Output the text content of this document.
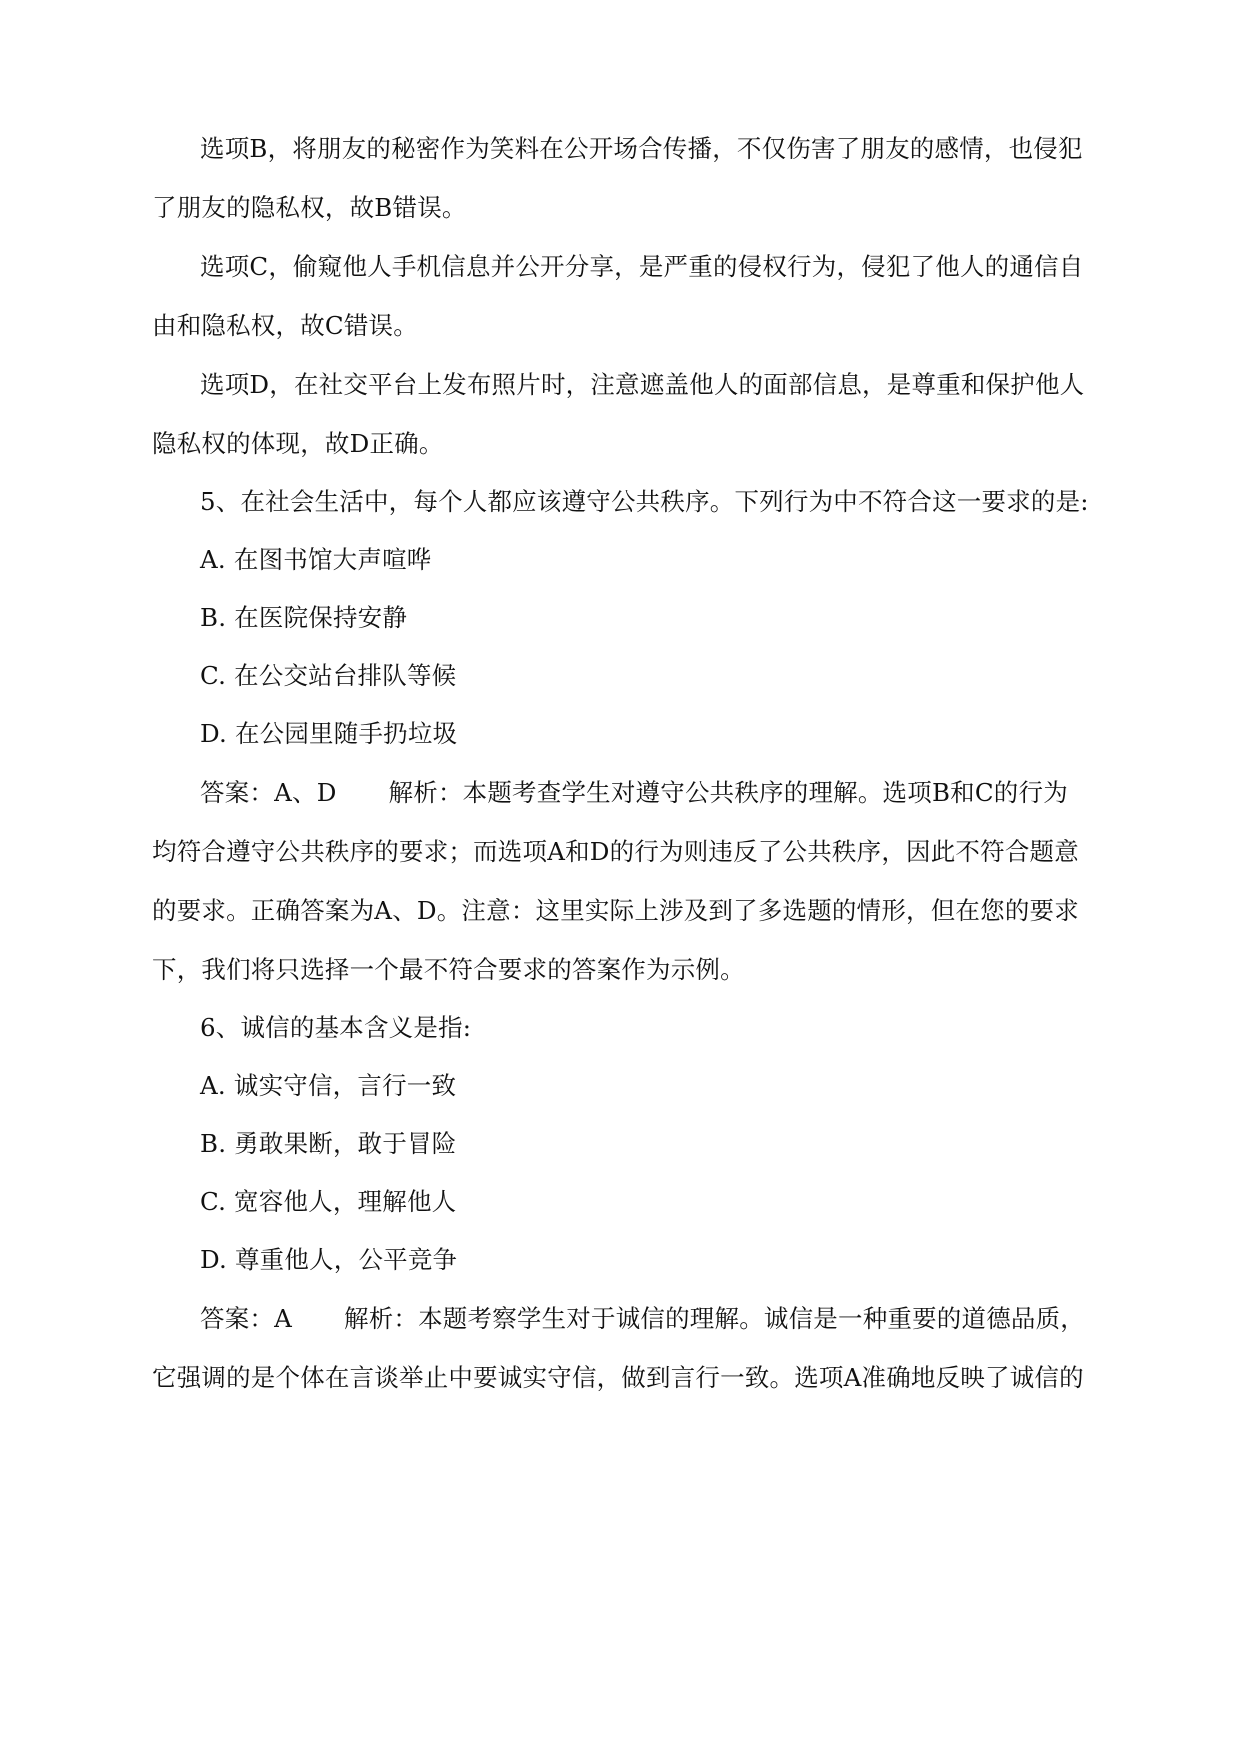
选项B，将朋友的秘密作为笑料在公开场合传播，不仅伤害了朋友的感情，也侵犯
了朋友的隐私权，故B错误。
选项C，偷窥他人手机信息并公开分享，是严重的侵权行为，侵犯了他人的通信自
由和隐私权，故C错误。
选项D，在社交平台上发布照片时，注意遮盖他人的面部信息，是尊重和保护他人
隐私权的体现，故D正确。
5、在社会生活中，每个人都应该遵守公共秩序。下列行为中不符合这一要求的是:
A. 在图书馆大声喧哗
B. 在医院保持安静
C. 在公交站台排队等候
D. 在公园里随手扔垃圾
答案：A、D 解析：本题考查学生对遵守公共秩序的理解。选项B和C的行为
均符合遵守公共秩序的要求；而选项A和D的行为则违反了公共秩序，因此不符合题意
的要求。正确答案为A、D。注意：这里实际上涉及到了多选题的情形，但在您的要求
下，我们将只选择一个最不符合要求的答案作为示例。
6、诚信的基本含义是指:
A. 诚实守信，言行一致
B. 勇敢果断，敢于冒险
C. 宽容他人，理解他人
D. 尊重他人，公平竞争
答案：A 解析：本题考察学生对于诚信的理解。诚信是一种重要的道德品质，
它强调的是个体在言谈举止中要诚实守信，做到言行一致。选项A准确地反映了诚信的
